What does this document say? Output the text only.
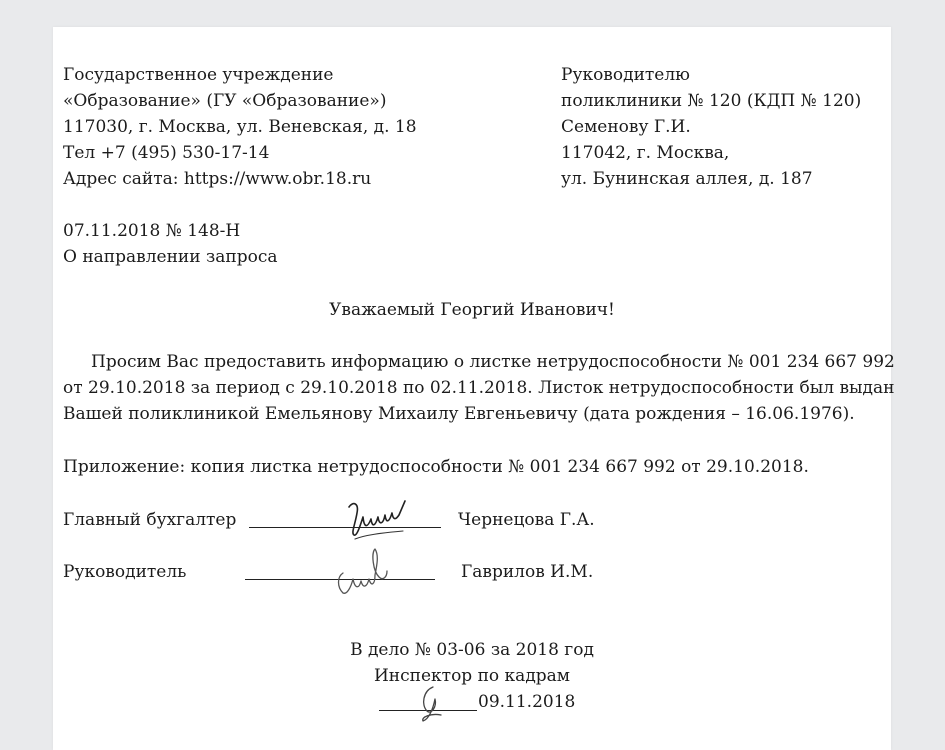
Государственное учреждение
«Образование» (ГУ «Образование»)
117030, г. Москва, ул. Веневская, д. 18
Тел +7 (495) 530-17-14
Адрес сайта: https://www.obr.18.ru
Руководителю
поликлиники № 120 (КДП № 120)
Семенову Г.И.
117042, г. Москва,
ул. Бунинская аллея, д. 187
07.11.2018 № 148-Н
О направлении запроса
Уважаемый Георгий Иванович!
Просим Вас предоставить информацию о листке нетрудоспособности № 001 234 667 992
от 29.10.2018 за период с 29.10.2018 по 02.11.2018. Листок нетрудоспособности был выдан
Вашей поликлиникой Емельянову Михаилу Евгеньевичу (дата рождения – 16.06.1976).
Приложение: копия листка нетрудоспособности № 001 234 667 992 от 29.10.2018.
Главный бухгалтер	Чернецова Г.А.
Руководитель	Гаврилов И.М.
В дело № 03-06 за 2018 год
Инспектор по кадрам
09.11.2018
